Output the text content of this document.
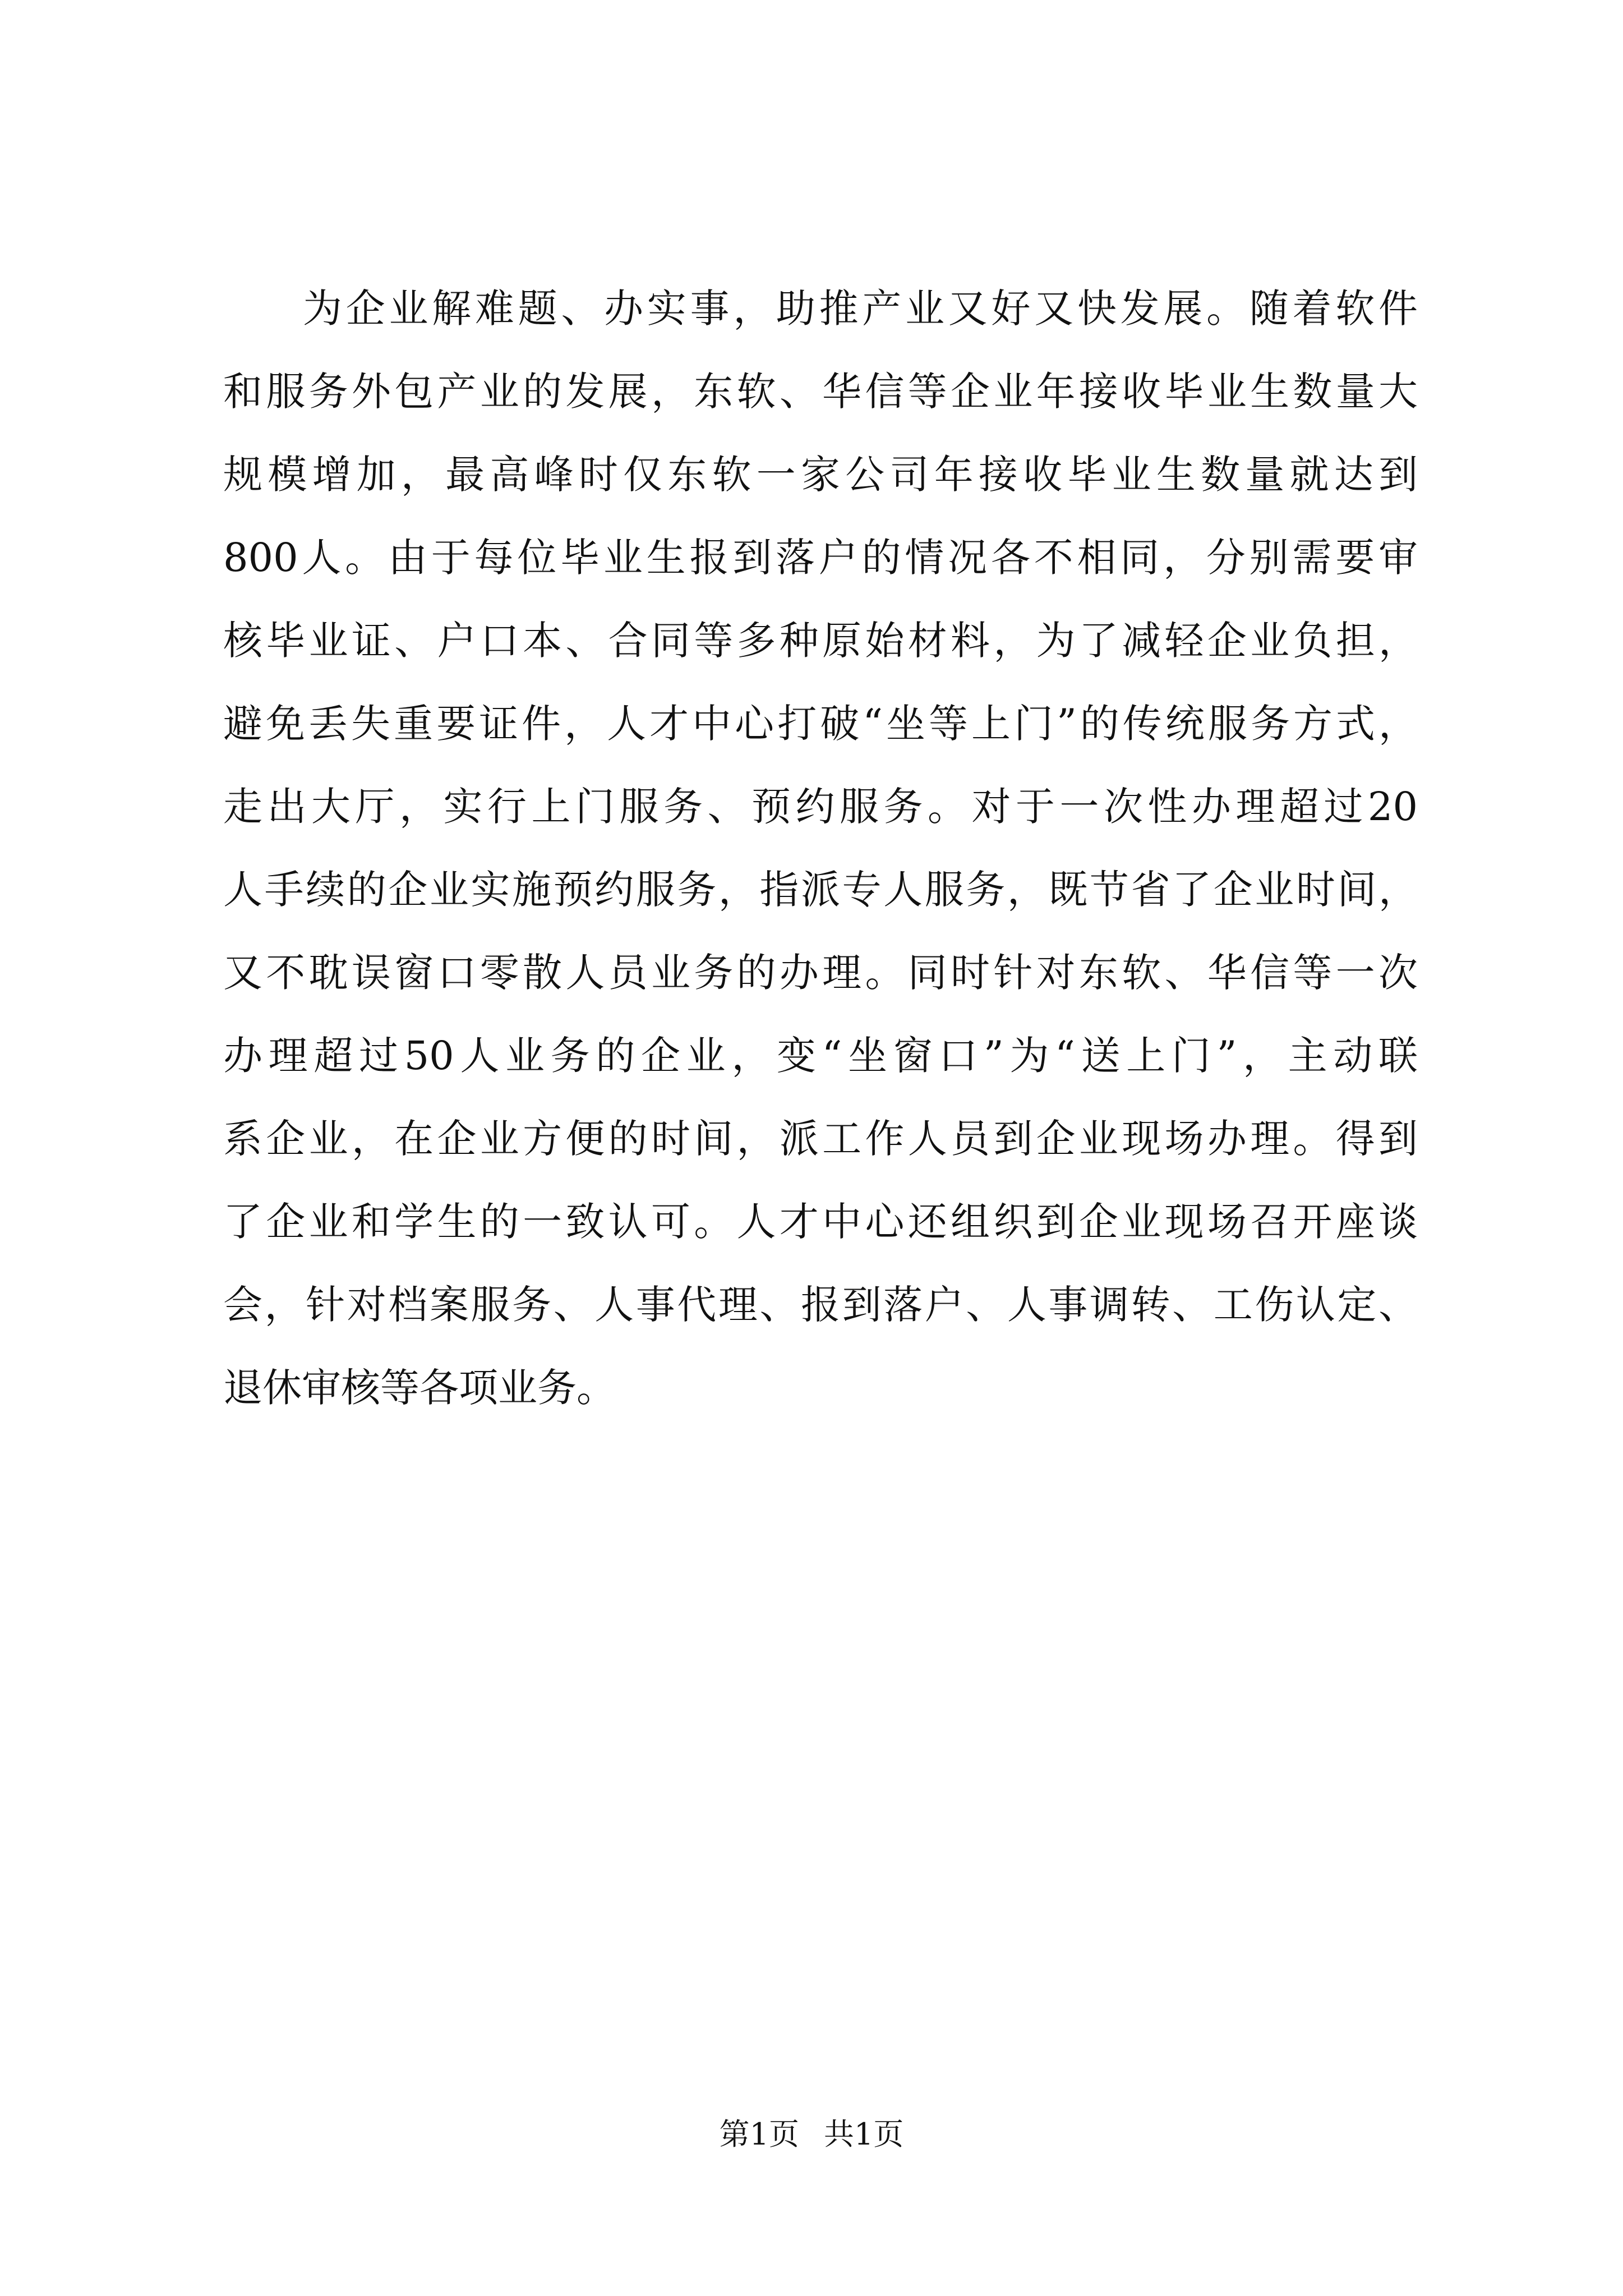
为企业解难题、办实事，助推产业又好又快发展。随着软件
和服务外包产业的发展，东软、华信等企业年接收毕业生数量大
规模增加，最高峰时仅东软一家公司年接收毕业生数量就达到
800人。由于每位毕业生报到落户的情况各不相同，分别需要审
核毕业证、户口本、合同等多种原始材料，为了减轻企业负担，
避免丢失重要证件，人才中心打破“坐等上门”的传统服务方式，
走出大厅，实行上门服务、预约服务。对于一次性办理超过20
人手续的企业实施预约服务，指派专人服务，既节省了企业时间，
又不耽误窗口零散人员业务的办理。同时针对东软、华信等一次
办理超过50人业务的企业，变“坐窗口”为“送上门”，主动联
系企业，在企业方便的时间，派工作人员到企业现场办理。得到
了企业和学生的一致认可。人才中心还组织到企业现场召开座谈
会，针对档案服务、人事代理、报到落户、人事调转、工伤认定、
退休审核等各项业务。
第1页 共1页
